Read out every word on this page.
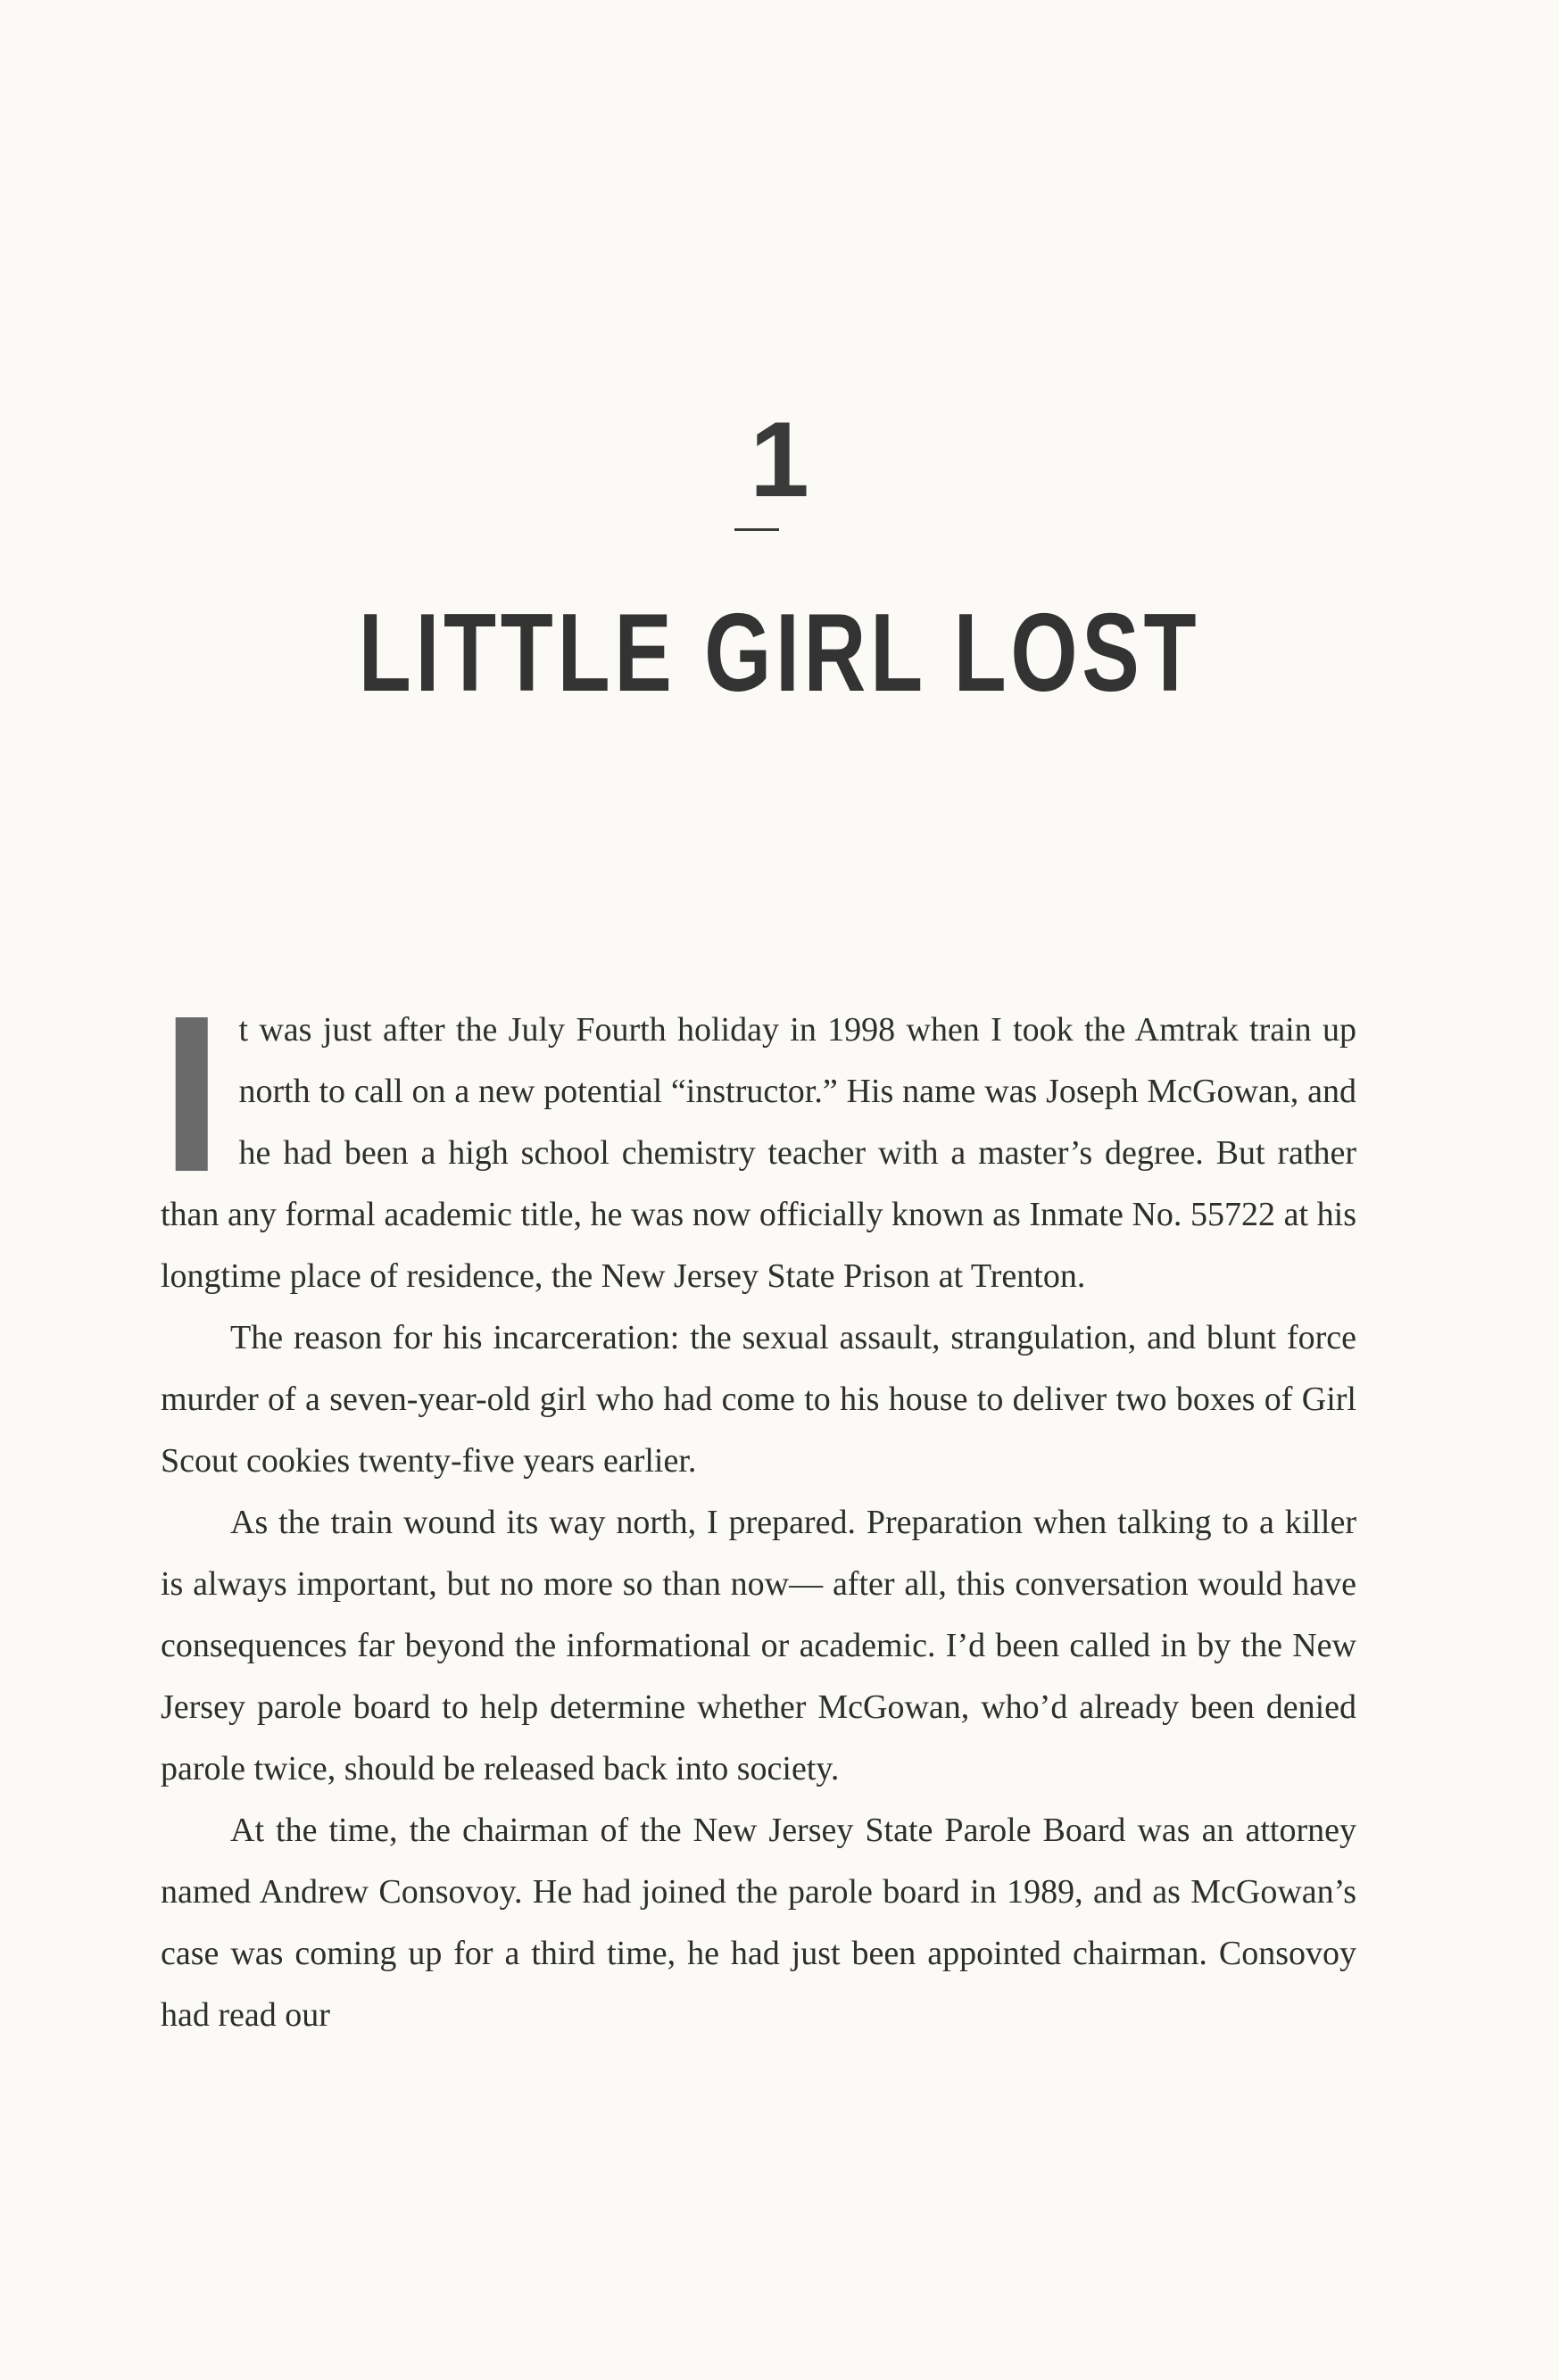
1
LITTLE GIRL LOST

It was just after the July Fourth holiday in 1998 when I took the Amtrak train up north to call on a new potential “instructor.” His name was Joseph McGowan, and he had been a high school chemistry teacher with a master’s degree. But rather than any formal academic title, he was now officially known as Inmate No. 55722 at his longtime place of residence, the New Jersey State Prison at Trenton.

The reason for his incarceration: the sexual assault, strangulation, and blunt force murder of a seven-year-old girl who had come to his house to deliver two boxes of Girl Scout cookies twenty-five years earlier.

As the train wound its way north, I prepared. Preparation when talking to a killer is always important, but no more so than now— after all, this conversation would have consequences far beyond the informational or academic. I’d been called in by the New Jersey parole board to help determine whether McGowan, who’d already been denied parole twice, should be released back into society.

At the time, the chairman of the New Jersey State Parole Board was an attorney named Andrew Consovoy. He had joined the parole board in 1989, and as McGowan’s case was coming up for a third time, he had just been appointed chairman. Consovoy had read our
